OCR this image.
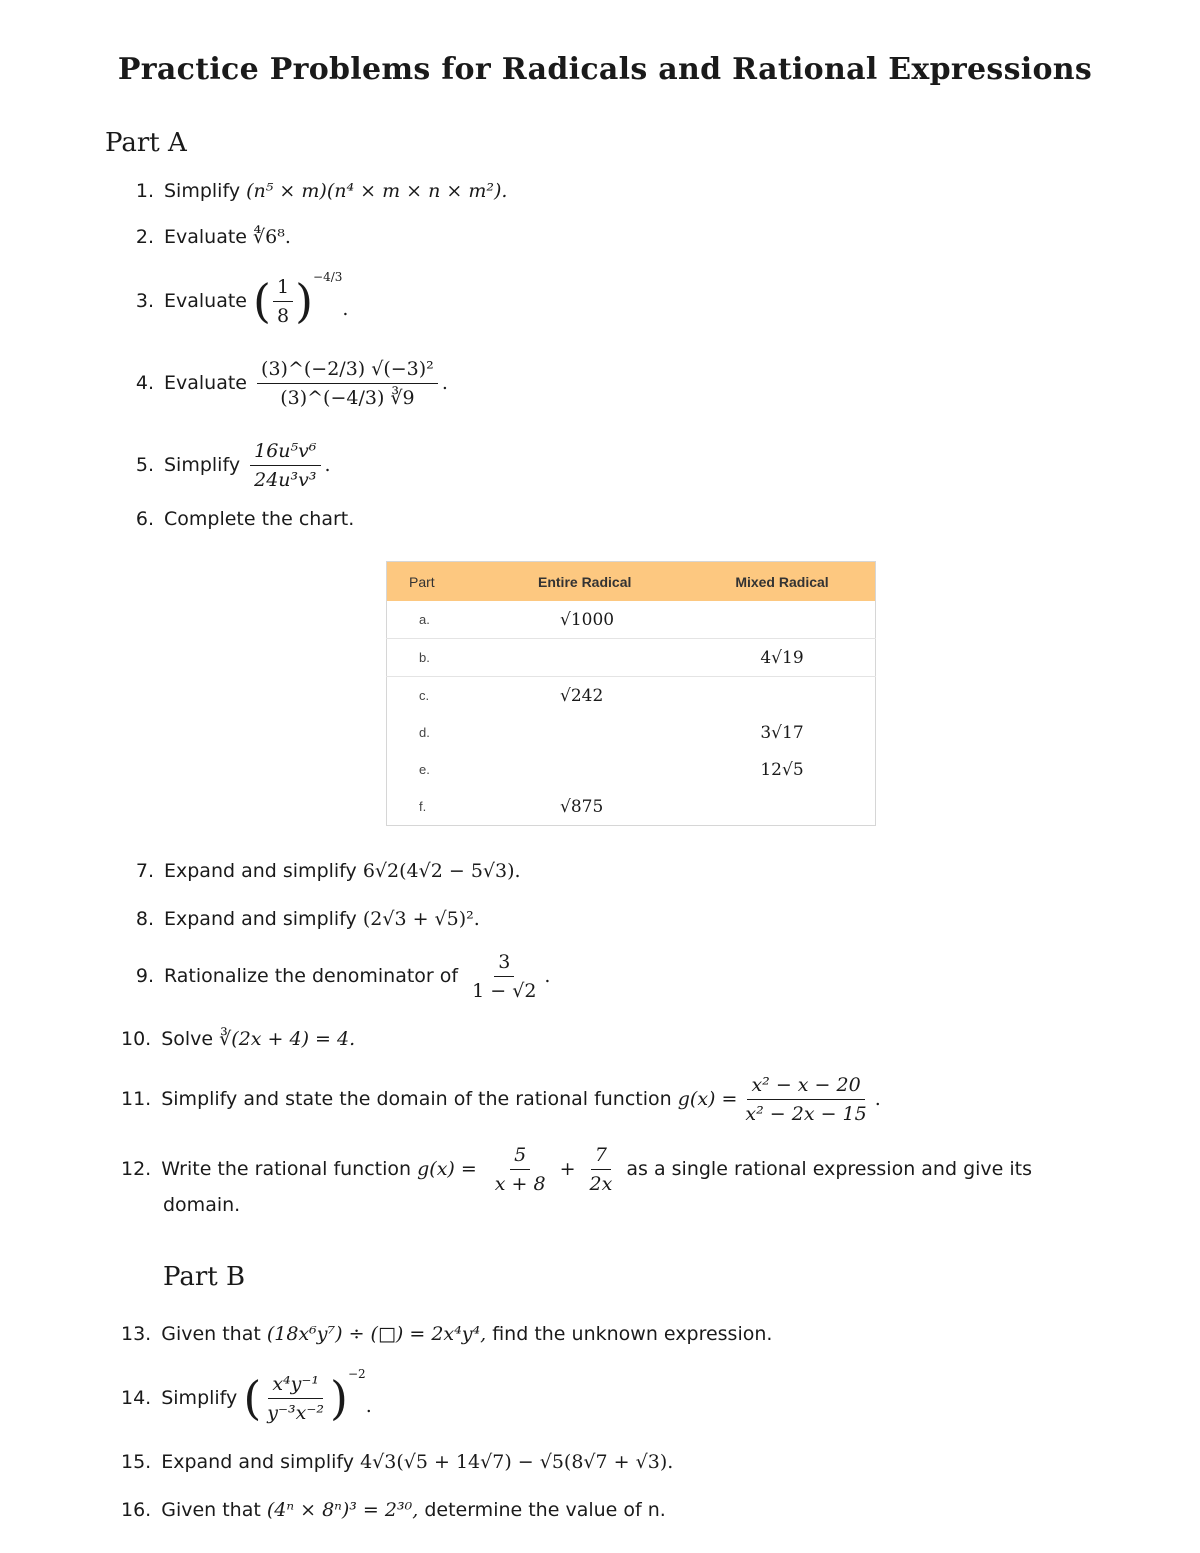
Practice Problems for Radicals and Rational Expressions
Part A
1. Simplify
(n⁵ × m)(n⁴ × m × n × m²).
2. Evaluate
∜6⁸.
3. Evaluate
( $\frac{1}{8}$ ) −4/3
.
4. Evaluate
$\frac{\text{(3)\textasciicircum{}(−2/3) √(−3)²}}{(3)\^{}(-4/3) ∛9}$ .
5. Simplify
$\frac{\text{16u⁵v⁶}}{\text{24u³v³}}$ .
6. Complete the chart.
Part	Entire Radical	Mixed Radical
a.	√1000	
b.		4√19
c.	√242	
d.		3√17
e.		12√5
f.	√875	
7. Expand and simplify
6√2(4√2 − 5√3).
8. Expand and simplify
(2√3 + √5)².
9. Rationalize the denominator of
$\frac{3}{1 - √2}$ .
10. Solve
∛(2x + 4) = 4.
11. Simplify and state the domain of the rational function
$g(x) = \frac{\text{x² − x − 20}}{\text{x² − 2x − 15}}$ .
12. Write the rational function
$g(x) = \frac{5}{x + 8} + \frac{7}{2x}$
as a single rational expression and give its
domain.
Part B
13. Given that
(18x⁶y⁷) ÷ (□) = 2x⁴y⁴,
find the unknown expression.
14. Simplify
( $\frac{\text{x⁴y⁻¹}}{\text{y⁻³x⁻²}}$ ) −2
.
15. Expand and simplify
4√3(√5 + 14√7) − √5(8√7 + √3).
16. Given that
(4ⁿ × 8ⁿ)³ = 2³⁰,
determine the value of n.
